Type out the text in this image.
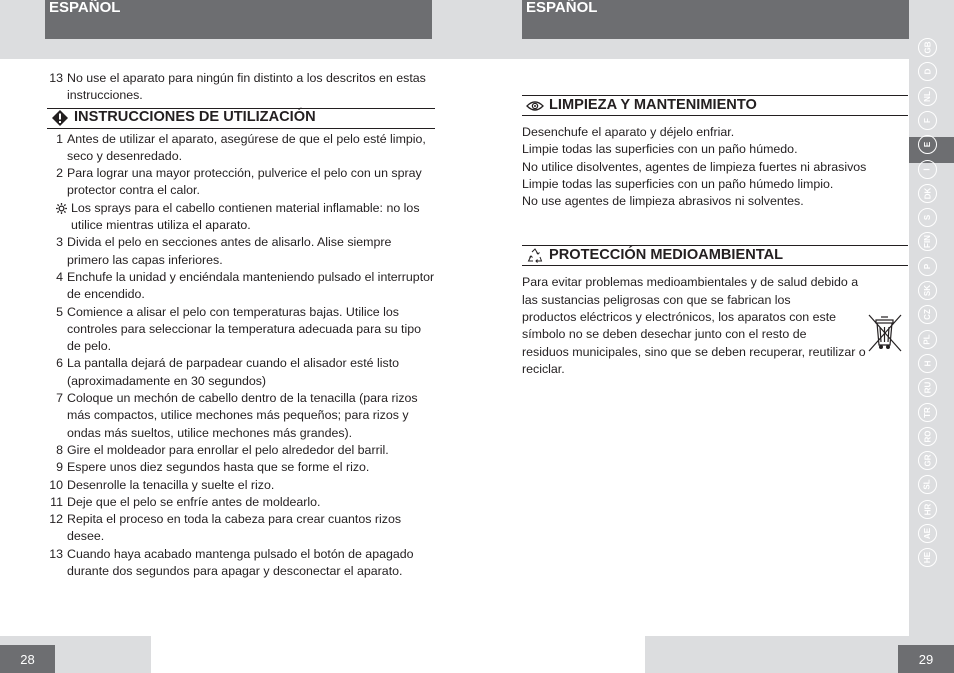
ESPAÑOL	ESPAÑOL
GB
D
NL
F
E
I
DK
S
FIN
P
SK
CZ
PL
H
RU
TR
RO
GR
SL
HR
AE
HE
28	29
13 No use el aparato para ningún fin distinto a los descritos en estas instrucciones.
INSTRUCCIONES DE UTILIZACIÓN
1 Antes de utilizar el aparato, asegúrese de que el pelo esté limpio, seco y desenredado.
2 Para lograr una mayor protección, pulverice el pelo con un spray protector contra el calor.
Los sprays para el cabello contienen material inflamable: no los utilice mientras utiliza el aparato.
3 Divida el pelo en secciones antes de alisarlo. Alise siempre primero las capas inferiores.
4 Enchufe la unidad y enciéndala manteniendo pulsado el interruptor de encendido.
5 Comience a alisar el pelo con temperaturas bajas. Utilice los controles para seleccionar la temperatura adecuada para su tipo de pelo.
6 La pantalla dejará de parpadear cuando el alisador esté listo (aproximadamente en 30 segundos)
7 Coloque un mechón de cabello dentro de la tenacilla (para rizos más compactos, utilice mechones más pequeños; para rizos y ondas más sueltos, utilice mechones más grandes).
8 Gire el moldeador para enrollar el pelo alrededor del barril.
9 Espere unos diez segundos hasta que se forme el rizo.
10 Desenrolle la tenacilla y suelte el rizo.
11 Deje que el pelo se enfríe antes de moldearlo.
12 Repita el proceso en toda la cabeza para crear cuantos rizos desee.
13 Cuando haya acabado mantenga pulsado el botón de apagado durante dos segundos para apagar y desconectar el aparato.
LIMPIEZA Y MANTENIMIENTO
Desenchufe el aparato y déjelo enfriar.
Limpie todas las superficies con un paño húmedo.
No utilice disolventes, agentes de limpieza fuertes ni abrasivos
Limpie todas las superficies con un paño húmedo limpio.
No use agentes de limpieza abrasivos ni solventes.
PROTECCIÓN MEDIOAMBIENTAL
Para evitar problemas medioambientales y de salud debido a
las sustancias peligrosas con que se fabrican los
productos eléctricos y electrónicos, los aparatos con este
símbolo no se deben desechar junto con el resto de
residuos municipales, sino que se deben recuperar, reutilizar o
reciclar.
